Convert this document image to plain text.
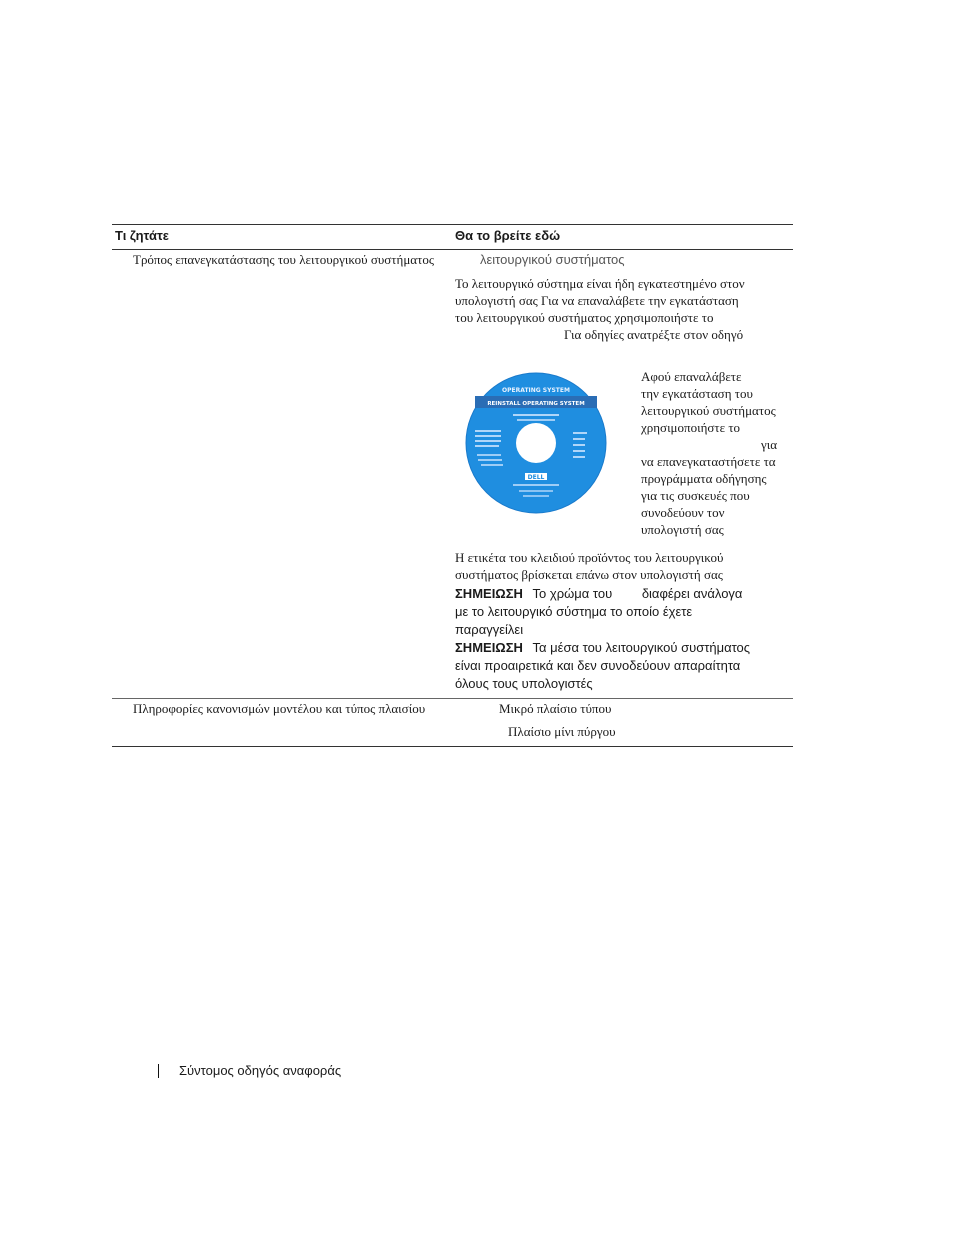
Τι ζητάτε	Θα το βρείτε εδώ
Τρόπος επανεγκατάστασης του λειτουργικού συστήματος	λειτουργικού συστήματος
Το λειτουργικό σύστημα είναι ήδη εγκατεστημένο στον
υπολογιστή σας Για να επαναλάβετε την εγκατάσταση
του λειτουργικού συστήματος χρησιμοποιήστε το
Για οδηγίες ανατρέξτε στον οδηγό
OPERATING SYSTEM
REINSTALL OPERATING SYSTEM
DELL
Αφού επαναλάβετε
την εγκατάσταση του
λειτουργικού συστήματος
χρησιμοποιήστε το
για
να επανεγκαταστήσετε τα
προγράμματα οδήγησης
για τις συσκευές που
συνοδεύουν τον
υπολογιστή σας
Η ετικέτα του κλειδιού προϊόντος του λειτουργικού
συστήματος βρίσκεται επάνω στον υπολογιστή σας
ΣΗΜΕΙΩΣΗ Το χρώμα του διαφέρει ανάλογα
με το λειτουργικό σύστημα το οποίο έχετε
παραγγείλει
ΣΗΜΕΙΩΣΗ Τα μέσα του λειτουργικού συστήματος
είναι προαιρετικά και δεν συνοδεύουν απαραίτητα
όλους τους υπολογιστές
Πληροφορίες κανονισμών μοντέλου και τύπος πλαισίου	Μικρό πλαίσιο τύπου
Πλαίσιο μίνι πύργου
Σύντομος οδηγός αναφοράς
